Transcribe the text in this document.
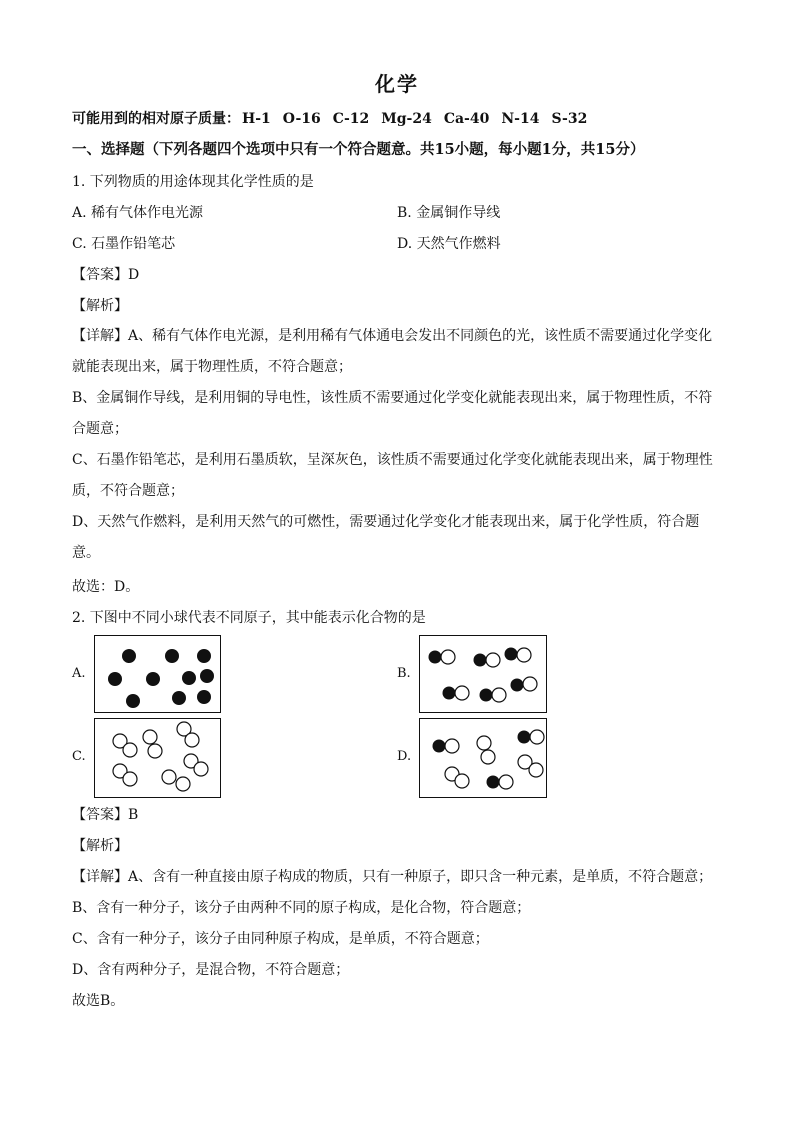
化学
可能用到的相对原子质量： H-1 O-16 C-12 Mg-24 Ca-40 N-14 S-32
一、选择题（下列各题四个选项中只有一个符合题意。共15小题，每小题1分，共15分）
1. 下列物质的用途体现其化学性质的是
A. 稀有气体作电光源	B. 金属铜作导线
C. 石墨作铅笔芯	D. 天然气作燃料
【答案】D
【解析】
【详解】A、稀有气体作电光源，是利用稀有气体通电会发出不同颜色的光，该性质不需要通过化学变化就能表现出来，属于物理性质，不符合题意；
B、金属铜作导线，是利用铜的导电性，该性质不需要通过化学变化就能表现出来，属于物理性质，不符合题意；
C、石墨作铅笔芯，是利用石墨质软，呈深灰色，该性质不需要通过化学变化就能表现出来，属于物理性质，不符合题意；
D、天然气作燃料，是利用天然气的可燃性，需要通过化学变化才能表现出来，属于化学性质，符合题意。
故选：D。
2. 下图中不同小球代表不同原子，其中能表示化合物的是
A.	B.
C.	D.
【答案】B
【解析】
【详解】A、含有一种直接由原子构成的物质，只有一种原子，即只含一种元素，是单质，不符合题意；
B、含有一种分子，该分子由两种不同的原子构成，是化合物，符合题意；
C、含有一种分子，该分子由同种原子构成，是单质，不符合题意；
D、含有两种分子，是混合物，不符合题意；
故选B。
